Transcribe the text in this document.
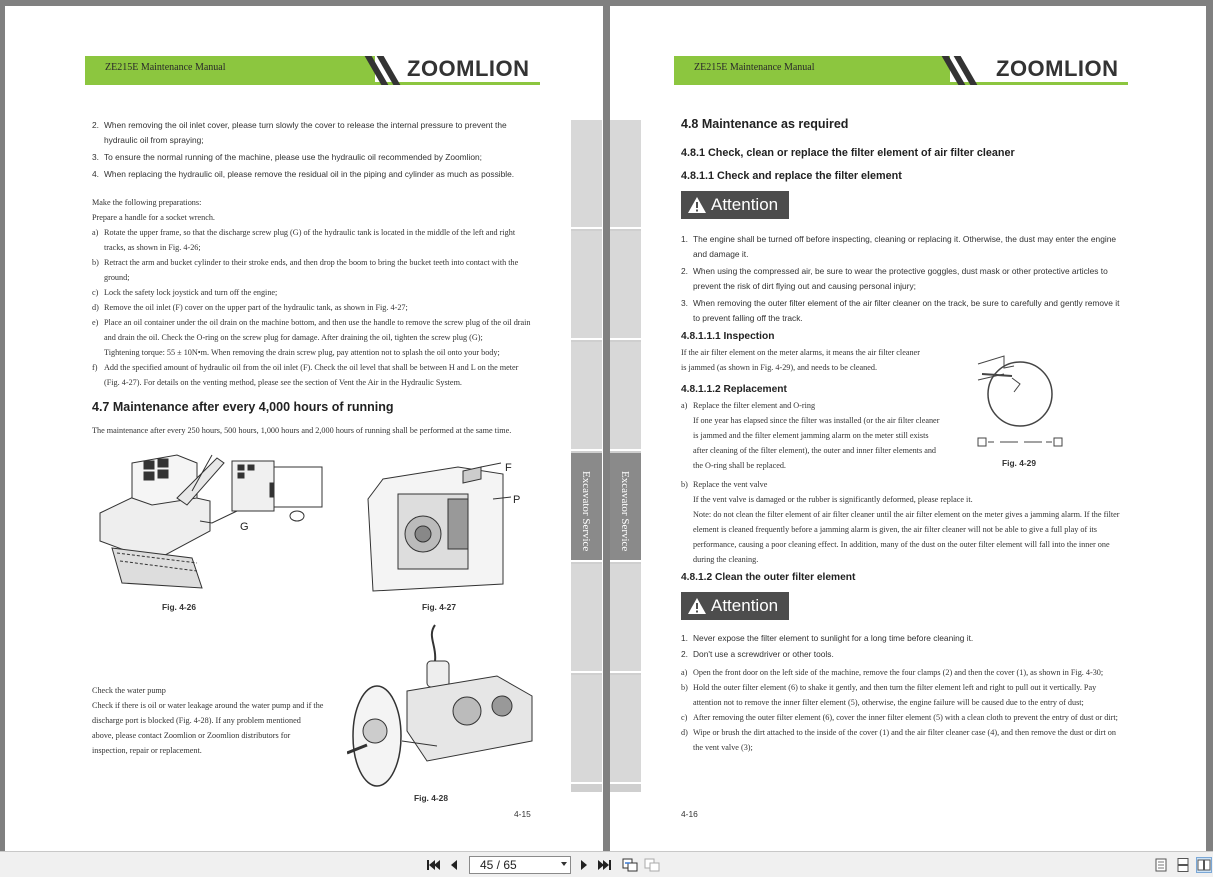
ZE215E Maintenance Manual	ZOOMLION
2. When removing the oil inlet cover, please turn slowly the cover to release the internal pressure to prevent the hydraulic oil from spraying;
3. To ensure the normal running of the machine, please use the hydraulic oil recommended by Zoomlion;
4. When replacing the hydraulic oil, please remove the residual oil in the piping and cylinder as much as possible.
Make the following preparations:
Prepare a handle for a socket wrench.
a) Rotate the upper frame, so that the discharge screw plug (G) of the hydraulic tank is located in the middle of the left and right tracks, as shown in Fig. 4-26;
b) Retract the arm and bucket cylinder to their stroke ends, and then drop the boom to bring the bucket teeth into contact with the ground;
c) Lock the safety lock joystick and turn off the engine;
d) Remove the oil inlet (F) cover on the upper part of the hydraulic tank, as shown in Fig. 4-27;
e) Place an oil container under the oil drain on the machine bottom, and then use the handle to remove the screw plug of the oil drain and drain the oil. Check the O-ring on the screw plug for damage. After draining the oil, tighten the screw plug (G);
Tightening torque: 55 ± 10N•m. When removing the drain screw plug, pay attention not to splash the oil onto your body;
f) Add the specified amount of hydraulic oil from the oil inlet (F). Check the oil level that shall be between H and L on the meter (Fig. 4-27). For details on the venting method, please see the section of Vent the Air in the Hydraulic System.
4.7 Maintenance after every 4,000 hours of running
The maintenance after every 250 hours, 500 hours, 1,000 hours and 2,000 hours of running shall be performed at the same time.
G
Fig. 4-26
F
P
Fig. 4-27
Check the water pump
Check if there is oil or water leakage around the water pump and if the discharge port is blocked (Fig. 4-28). If any problem mentioned above, please contact Zoomlion or Zoomlion distributors for inspection, repair or replacement.
Fig. 4-28
4-15
Excavator Service Excavator Service
ZE215E Maintenance Manual	ZOOMLION
4.8 Maintenance as required
4.8.1 Check, clean or replace the filter element of air filter cleaner
4.8.1.1 Check and replace the filter element
Attention
1. The engine shall be turned off before inspecting, cleaning or replacing it. Otherwise, the dust may enter the engine and damage it.
2. When using the compressed air, be sure to wear the protective goggles, dust mask or other protective articles to prevent the risk of dirt flying out and causing personal injury;
3. When removing the outer filter element of the air filter cleaner on the track, be sure to carefully and gently remove it to prevent falling off the track.
4.8.1.1.1 Inspection
If the air filter element on the meter alarms, it means the air filter cleaner is jammed (as shown in Fig. 4-29), and needs to be cleaned.
4.8.1.1.2 Replacement
a) Replace the filter element and O-ring
If one year has elapsed since the filter was installed (or the air filter cleaner is jammed and the filter element jamming alarm on the meter still exists after cleaning of the filter element), the outer and inner filter elements and the O-ring shall be replaced.	Fig. 4-29
b) Replace the vent valve
If the vent valve is damaged or the rubber is significantly deformed, please replace it.
Note: do not clean the filter element of air filter cleaner until the air filter element on the meter gives a jamming alarm. If the filter element is cleaned frequently before a jamming alarm is given, the air filter cleaner will not be able to give a full play of its performance, causing a poor cleaning effect. In addition, many of the dust on the outer filter element will fall into the inner one during the cleaning.
4.8.1.2 Clean the outer filter element
Attention
1. Never expose the filter element to sunlight for a long time before cleaning it.
2. Don't use a screwdriver or other tools.
a) Open the front door on the left side of the machine, remove the four clamps (2) and then the cover (1), as shown in Fig. 4-30;
b) Hold the outer filter element (6) to shake it gently, and then turn the filter element left and right to pull out it vertically. Pay attention not to remove the inner filter element (5), otherwise, the engine failure will be caused due to the entry of dust;
c) After removing the outer filter element (6), cover the inner filter element (5) with a clean cloth to prevent the entry of dust or dirt;
d) Wipe or brush the dirt attached to the inside of the cover (1) and the air filter cleaner case (4), and then remove the dust or dirt on the vent valve (3);
4-16
45 / 65
